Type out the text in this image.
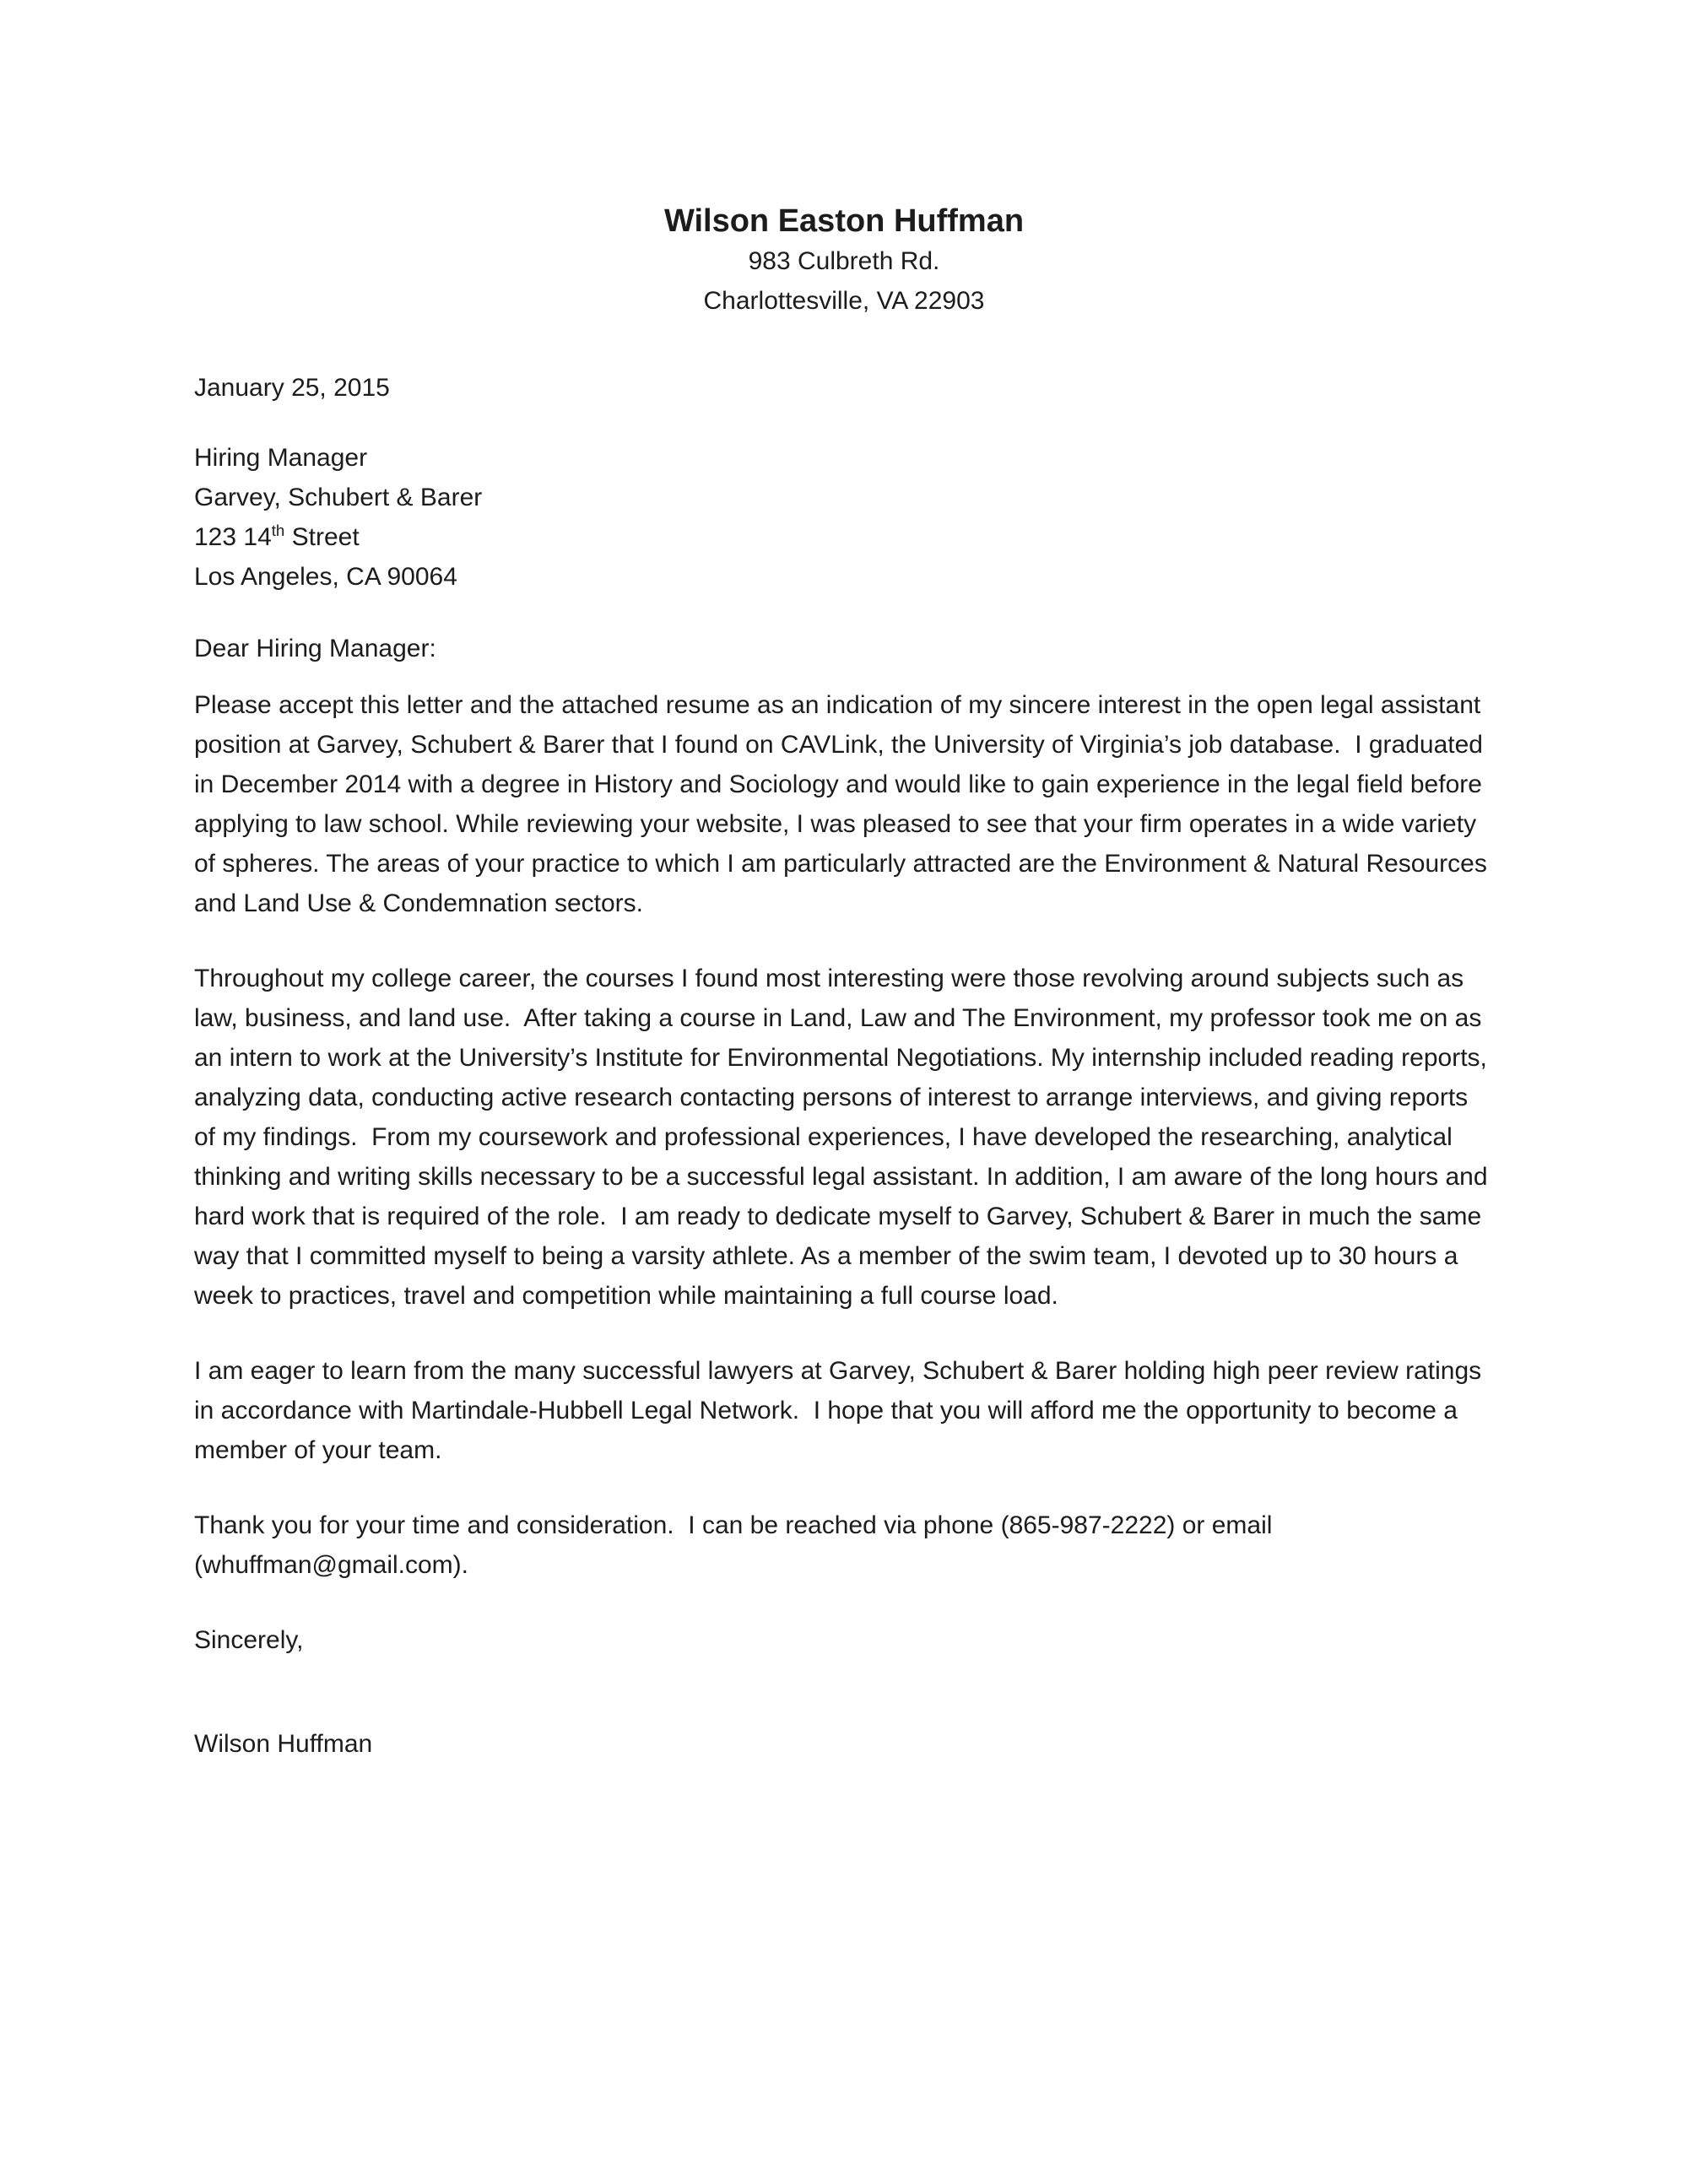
Wilson Easton Huffman
983 Culbreth Rd.
Charlottesville, VA 22903
January 25, 2015
Hiring Manager
Garvey, Schubert & Barer
123 14th Street
Los Angeles, CA 90064
Dear Hiring Manager:

Please accept this letter and the attached resume as an indication of my sincere interest in the open legal assistant position at Garvey, Schubert & Barer that I found on CAVLink, the University of Virginia’s job database.  I graduated in December 2014 with a degree in History and Sociology and would like to gain experience in the legal field before applying to law school. While reviewing your website, I was pleased to see that your firm operates in a wide variety of spheres. The areas of your practice to which I am particularly attracted are the Environment & Natural Resources and Land Use & Condemnation sectors.

Throughout my college career, the courses I found most interesting were those revolving around subjects such as law, business, and land use.  After taking a course in Land, Law and The Environment, my professor took me on as an intern to work at the University’s Institute for Environmental Negotiations. My internship included reading reports, analyzing data, conducting active research contacting persons of interest to arrange interviews, and giving reports of my findings.  From my coursework and professional experiences, I have developed the researching, analytical thinking and writing skills necessary to be a successful legal assistant. In addition, I am aware of the long hours and hard work that is required of the role.  I am ready to dedicate myself to Garvey, Schubert & Barer in much the same way that I committed myself to being a varsity athlete. As a member of the swim team, I devoted up to 30 hours a week to practices, travel and competition while maintaining a full course load.

I am eager to learn from the many successful lawyers at Garvey, Schubert & Barer holding high peer review ratings in accordance with Martindale-Hubbell Legal Network.  I hope that you will afford me the opportunity to become a member of your team.

Thank you for your time and consideration.  I can be reached via phone (865-987-2222) or email (whuffman@gmail.com).

Sincerely,
Wilson Huffman
